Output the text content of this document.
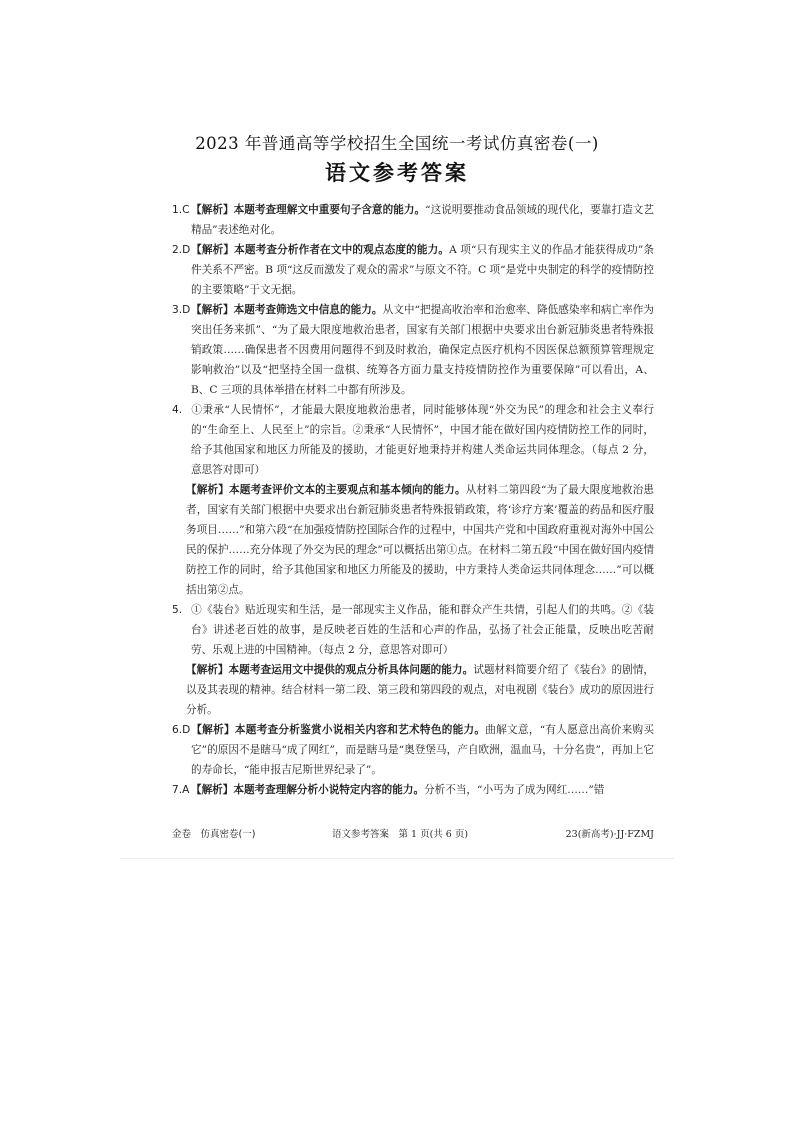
2023 年普通高等学校招生全国统一考试仿真密卷(一)
语文参考答案

1.C【解析】本题考查理解文中重要句子含意的能力。“这说明要推动食品领域的现代化，要靠打造文艺精品”表述绝对化。

2.D【解析】本题考查分析作者在文中的观点态度的能力。A 项“只有现实主义的作品才能获得成功”条件关系不严密。B 项“这反而激发了观众的需求”与原文不符。C 项“是党中央制定的科学的疫情防控的主要策略”于文无据。

3.D【解析】本题考查筛选文中信息的能力。从文中“把提高收治率和治愈率、降低感染率和病亡率作为突出任务来抓”、“为了最大限度地救治患者，国家有关部门根据中央要求出台新冠肺炎患者特殊报销政策……确保患者不因费用问题得不到及时救治，确保定点医疗机构不因医保总额预算管理规定影响救治”以及“把坚持全国一盘棋、统筹各方面力量支持疫情防控作为重要保障”可以看出，A、B、C 三项的具体举措在材料二中都有所涉及。

4. ①秉承“人民情怀”，才能最大限度地救治患者，同时能够体现“外交为民”的理念和社会主义奉行的“生命至上、人民至上”的宗旨。②秉承“人民情怀”，中国才能在做好国内疫情防控工作的同时，给予其他国家和地区力所能及的援助，才能更好地秉持并构建人类命运共同体理念。（每点 2 分，意思答对即可）

【解析】本题考查评价文本的主要观点和基本倾向的能力。从材料二第四段“为了最大限度地救治患者，国家有关部门根据中央要求出台新冠肺炎患者特殊报销政策，将‘诊疗方案’覆盖的药品和医疗服务项目……”和第六段“在加强疫情防控国际合作的过程中，中国共产党和中国政府重视对海外中国公民的保护……充分体现了外交为民的理念”可以概括出第①点。在材料二第五段“中国在做好国内疫情防控工作的同时，给予其他国家和地区力所能及的援助，中方秉持人类命运共同体理念……”可以概括出第②点。

5. ①《装台》贴近现实和生活，是一部现实主义作品，能和群众产生共情，引起人们的共鸣。②《装台》讲述老百姓的故事，是反映老百姓的生活和心声的作品，弘扬了社会正能量，反映出吃苦耐劳、乐观上进的中国精神。（每点 2 分，意思答对即可）

【解析】本题考查运用文中提供的观点分析具体问题的能力。试题材料简要介绍了《装台》的剧情，以及其表现的精神。结合材料一第二段、第三段和第四段的观点，对电视剧《装台》成功的原因进行分析。

6.D【解析】本题考查分析鉴赏小说相关内容和艺术特色的能力。曲解文意，“有人愿意出高价来购买它”的原因不是瞎马“成了网红”，而是瞎马是“奥登堡马，产自欧洲，温血马，十分名贵”，再加上它的寿命长，“能申报吉尼斯世界纪录了”。

7.A 【解析】本题考查理解分析小说特定内容的能力。分析不当，“小丐为了成为网红……”错

金卷　仿真密卷(一)	语文参考答案　第 1 页(共 6 页)	23(新高考)·JJ·FZMJ
